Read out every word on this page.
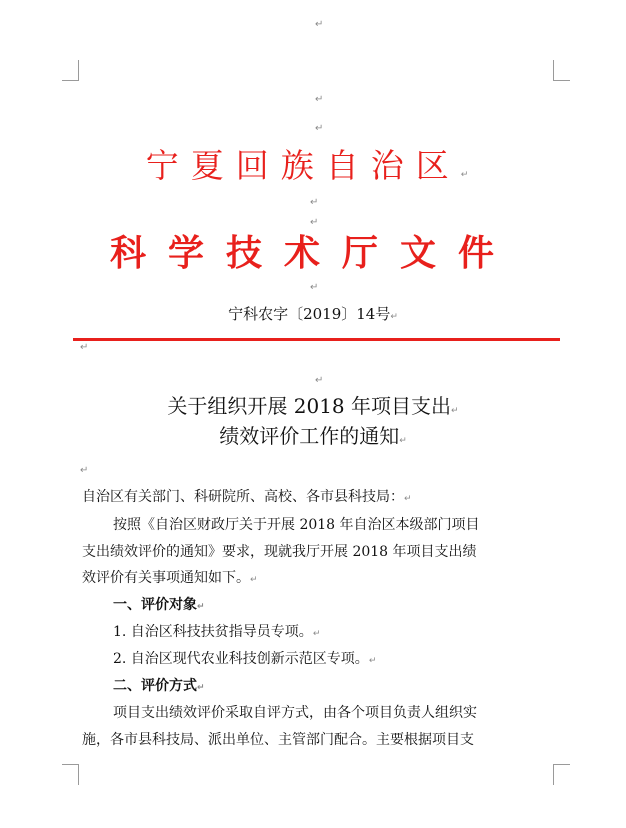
↵
↵
↵
宁夏回族自治区↵
↵
↵
科学技术厅文件
↵
宁科农字〔2019〕14号↵
↵
↵
关于组织开展 2018 年项目支出↵
绩效评价工作的通知↵
↵
自治区有关部门、科研院所、高校、各市县科技局：↵
按照《自治区财政厅关于开展 2018 年自治区本级部门项目
支出绩效评价的通知》要求，现就我厅开展 2018 年项目支出绩
效评价有关事项通知如下。↵
一、评价对象↵
1. 自治区科技扶贫指导员专项。↵
2. 自治区现代农业科技创新示范区专项。↵
二、评价方式↵
项目支出绩效评价采取自评方式，由各个项目负责人组织实
施，各市县科技局、派出单位、主管部门配合。主要根据项目支
